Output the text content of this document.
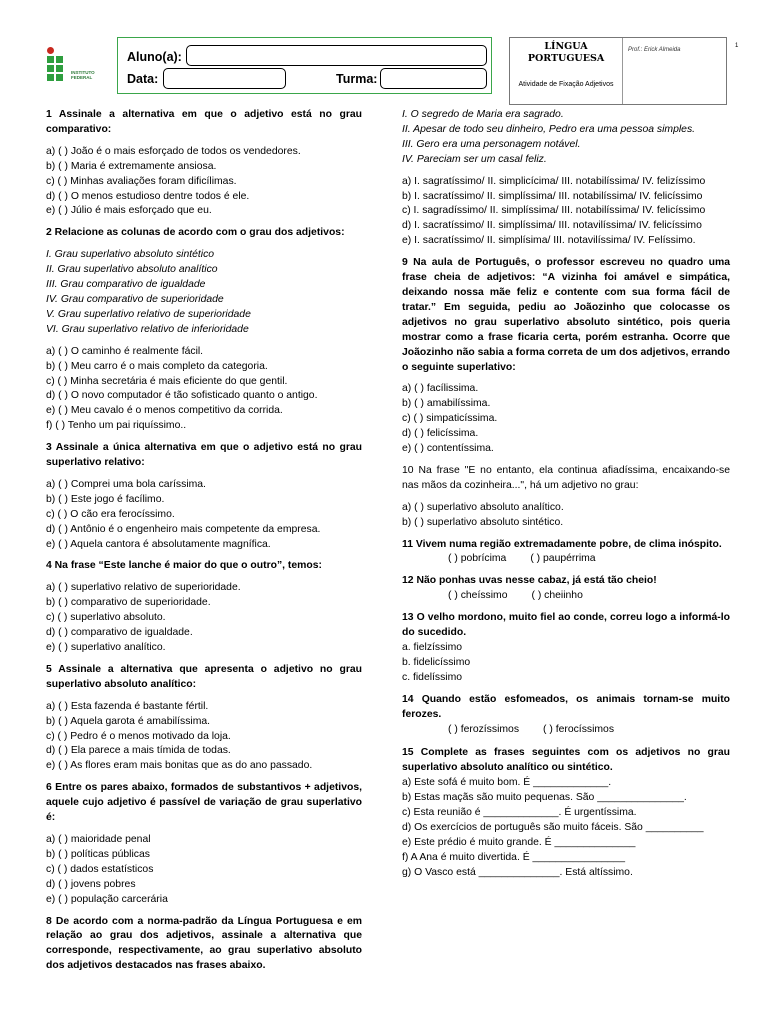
INSTITUTO FEDERAL
Aluno(a):
Data:	Turma:
LÍNGUA PORTUGUESA
Atividade de Fixação Adjetivos
Prof.: Erick Almeida
1

1 Assinale a alternativa em que o adjetivo está no grau comparativo:

a) ( ) João é o mais esforçado de todos os vendedores.

b) ( ) Maria é extremamente ansiosa.

c) ( ) Minhas avaliações foram dificílimas.

d) ( ) O menos estudioso dentre todos é ele.

e) ( ) Júlio é mais esforçado que eu.

2 Relacione as colunas de acordo com o grau dos adjetivos:

I. Grau superlativo absoluto sintético

II. Grau superlativo absoluto analítico

III. Grau comparativo de igualdade

IV. Grau comparativo de superioridade

V. Grau superlativo relativo de superioridade

VI. Grau superlativo relativo de inferioridade

a) ( ) O caminho é realmente fácil.

b) ( ) Meu carro é o mais completo da categoria.

c) ( ) Minha secretária é mais eficiente do que gentil.

d) ( ) O novo computador é tão sofisticado quanto o antigo.

e) ( ) Meu cavalo é o menos competitivo da corrida.

f) ( ) Tenho um pai riquíssimo..

3 Assinale a única alternativa em que o adjetivo está no grau superlativo relativo:

a) ( ) Comprei uma bola caríssima.

b) ( ) Este jogo é facílimo.

c) ( ) O cão era ferocíssimo.

d) ( ) Antônio é o engenheiro mais competente da empresa.

e) ( ) Aquela cantora é absolutamente magnífica.

4 Na frase “Este lanche é maior do que o outro”, temos:

a) ( ) superlativo relativo de superioridade.

b) ( ) comparativo de superioridade.

c) ( ) superlativo absoluto.

d) ( ) comparativo de igualdade.

e) ( ) superlativo analítico.

5 Assinale a alternativa que apresenta o adjetivo no grau superlativo absoluto analítico:

a) ( ) Esta fazenda é bastante fértil.

b) ( ) Aquela garota é amabilíssima.

c) ( ) Pedro é o menos motivado da loja.

d) ( ) Ela parece a mais tímida de todas.

e) ( ) As flores eram mais bonitas que as do ano passado.

6 Entre os pares abaixo, formados de substantivos + adjetivos, aquele cujo adjetivo é passível de variação de grau superlativo é:

a) ( ) maioridade penal

b) ( ) políticas públicas

c) ( ) dados estatísticos

d) ( ) jovens pobres

e) ( ) população carcerária

8 De acordo com a norma-padrão da Língua Portuguesa e em relação ao grau dos adjetivos, assinale a alternativa que corresponde, respectivamente, ao grau superlativo absoluto dos adjetivos destacados nas frases abaixo.

I. O segredo de Maria era sagrado.

II. Apesar de todo seu dinheiro, Pedro era uma pessoa simples.

III. Gero era uma personagem notável.

IV. Pareciam ser um casal feliz.

a) I. sagratíssimo/ II. simplicícima/ III. notabilíssima/ IV. felizíssimo

b) I. sacratíssimo/ II. simplíssima/ III. notabilíssima/ IV. felicíssimo

c) I. sagradíssimo/ II. simplíssima/ III. notabilíssima/ IV. felicíssimo

d) I. sacratíssimo/ II. simplíssima/ III. notavilíssima/ IV. felicíssimo

e) I. sacratíssimo/ II. simplísima/ III. notavilíssima/ IV. Felíssimo.

9 Na aula de Português, o professor escreveu no quadro uma frase cheia de adjetivos: “A vizinha foi amável e simpática, deixando nossa mãe feliz e contente com sua forma fácil de tratar.” Em seguida, pediu ao Joãozinho que colocasse os adjetivos no grau superlativo absoluto sintético, pois queria mostrar como a frase ficaria certa, porém estranha. Ocorre que Joãozinho não sabia a forma correta de um dos adjetivos, errando o seguinte superlativo:

a) ( ) facílissima.

b) ( ) amabilíssima.

c) ( ) simpaticíssima.

d) ( ) felicíssima.

e) ( ) contentíssima.

10 Na frase "E no entanto, ela continua afiadíssima, encaixando-se nas mãos da cozinheira...", há um adjetivo no grau:

a) ( ) superlativo absoluto analítico.

b) ( ) superlativo absoluto sintético.

11 Vivem numa região extremadamente pobre, de clima inóspito.

( ) pobrícima ( ) paupérrima

12 Não ponhas uvas nesse cabaz, já está tão cheio!

( ) cheíssimo ( ) cheiinho

13 O velho mordono, muito fiel ao conde, correu logo a informá-lo do sucedido.

a. fielzíssimo

b. fidelicíssimo

c. fidelíssimo

14 Quando estão esfomeados, os animais tornam-se muito ferozes.

( ) ferozíssimos ( ) ferocíssimos

15 Complete as frases seguintes com os adjetivos no grau superlativo absoluto analítico ou sintético.

a) Este sofá é muito bom. É _____________.

b) Estas maçãs são muito pequenas. São _______________.

c) Esta reunião é _____________. É urgentíssima.

d) Os exercícios de português são muito fáceis. São __________

e) Este prédio é muito grande. É ______________

f) A Ana é muito divertida. É ________________

g) O Vasco está ______________. Está altíssimo.
